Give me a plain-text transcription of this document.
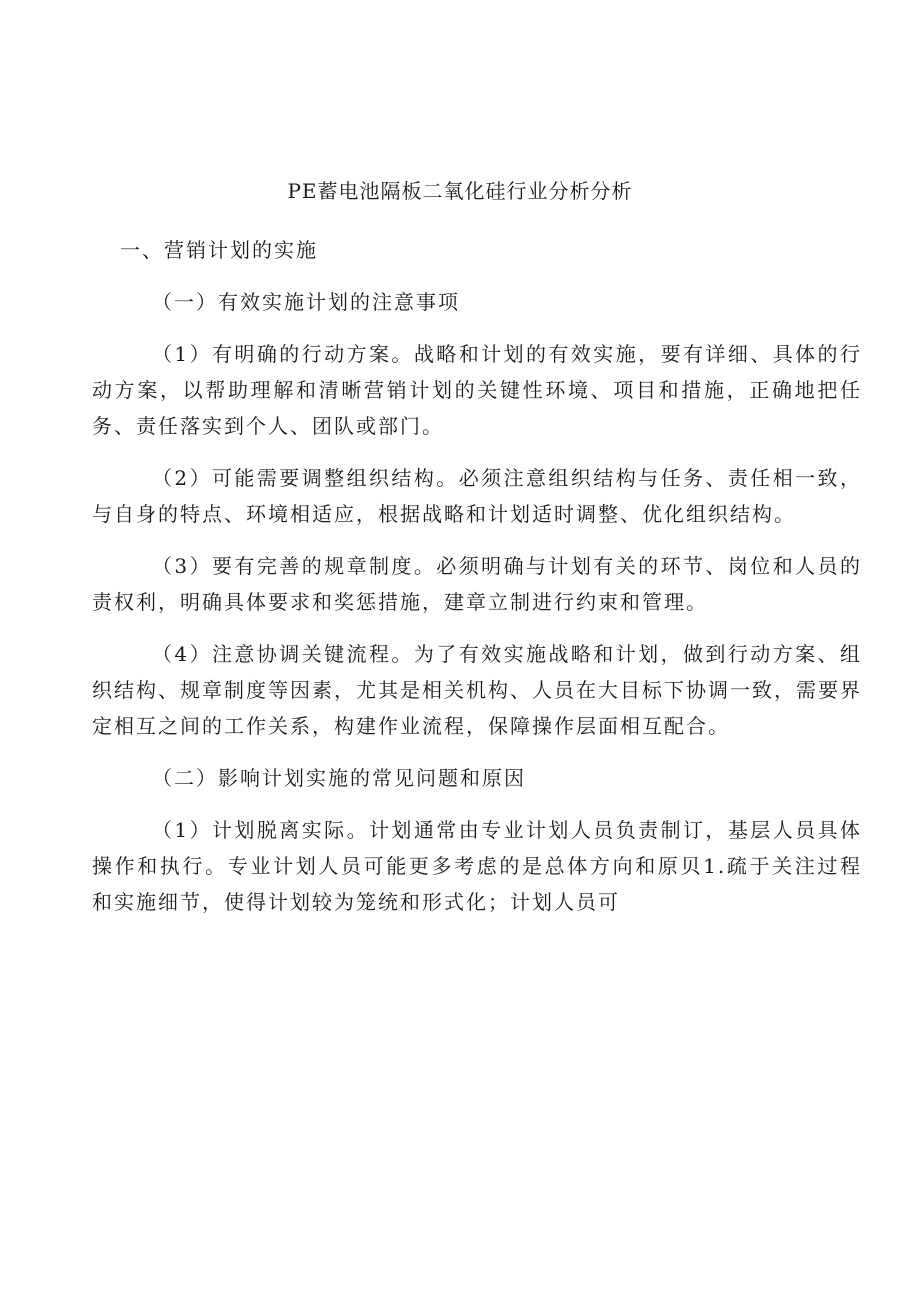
PE蓄电池隔板二氧化硅行业分析分析

一、营销计划的实施

（一）有效实施计划的注意事项

（1）有明确的行动方案。战略和计划的有效实施，要有详细、具体的行动方案，以帮助理解和清晰营销计划的关键性环境、项目和措施，正确地把任务、责任落实到个人、团队或部门。

（2）可能需要调整组织结构。必须注意组织结构与任务、责任相一致，与自身的特点、环境相适应，根据战略和计划适时调整、优化组织结构。

（3）要有完善的规章制度。必须明确与计划有关的环节、岗位和人员的责权利，明确具体要求和奖惩措施，建章立制进行约束和管理。

（4）注意协调关键流程。为了有效实施战略和计划，做到行动方案、组织结构、规章制度等因素，尤其是相关机构、人员在大目标下协调一致，需要界定相互之间的工作关系，构建作业流程，保障操作层面相互配合。

（二）影响计划实施的常见问题和原因

（1）计划脱离实际。计划通常由专业计划人员负责制订，基层人员具体操作和执行。专业计划人员可能更多考虑的是总体方向和原贝1.疏于关注过程和实施细节，使得计划较为笼统和形式化；计划人员可
